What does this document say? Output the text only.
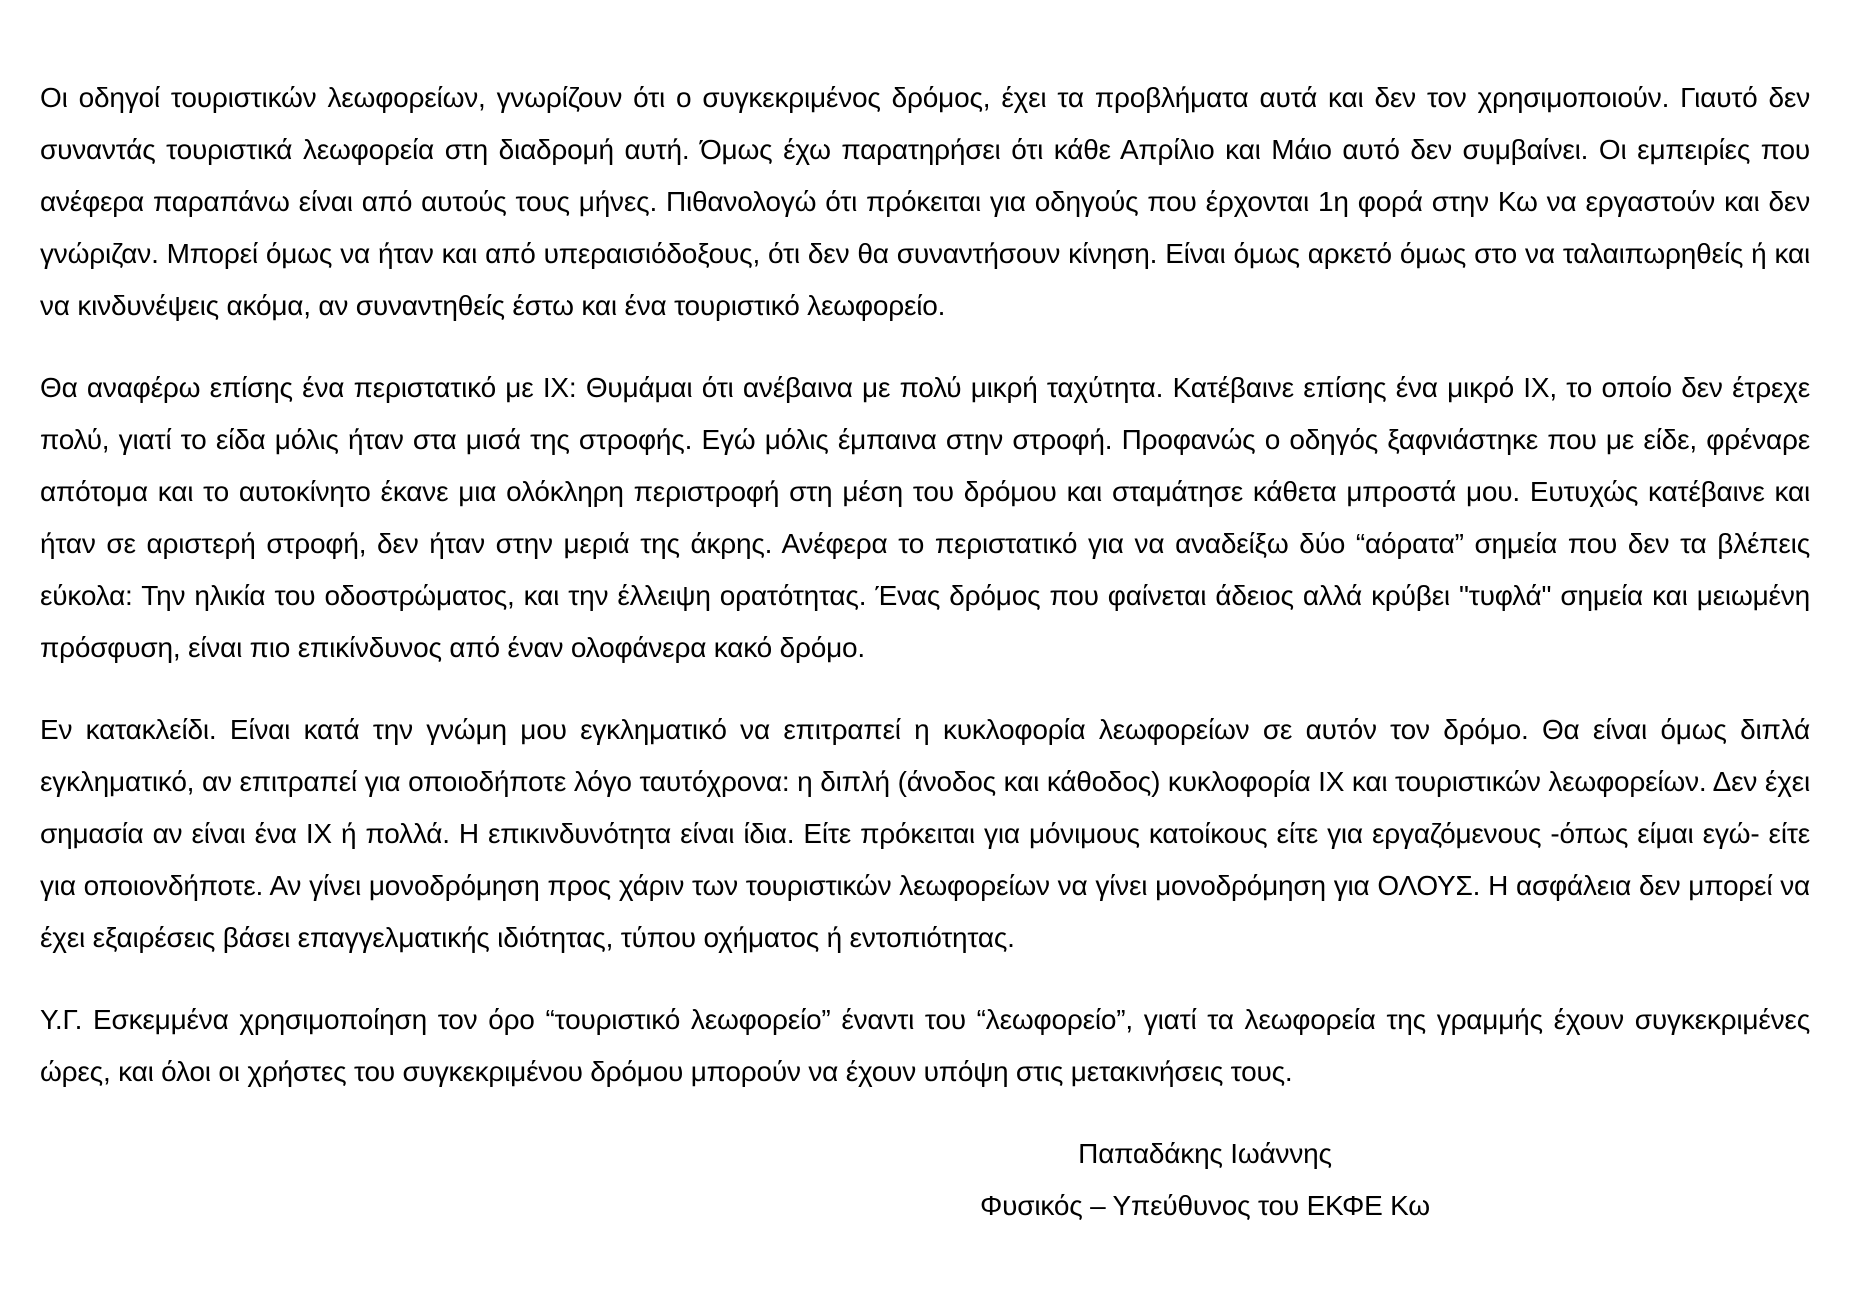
Οι οδηγοί τουριστικών λεωφορείων, γνωρίζουν ότι ο συγκεκριμένος δρόμος, έχει τα προβλήματα αυτά και δεν τον χρησιμοποιούν. Γιαυτό δεν συναντάς τουριστικά λεωφορεία στη διαδρομή αυτή. Όμως έχω παρατηρήσει ότι κάθε Απρίλιο και Μάιο αυτό δεν συμβαίνει. Οι εμπειρίες που ανέφερα παραπάνω είναι από αυτούς τους μήνες. Πιθανολογώ ότι πρόκειται για οδηγούς που έρχονται 1η φορά στην Κω να εργαστούν και δεν γνώριζαν. Μπορεί όμως να ήταν και από υπεραισιόδοξους, ότι δεν θα συναντήσουν κίνηση. Είναι όμως αρκετό όμως στο να ταλαιπωρηθείς ή και να κινδυνέψεις ακόμα, αν συναντηθείς έστω και ένα τουριστικό λεωφορείο.

Θα αναφέρω επίσης ένα περιστατικό με ΙΧ: Θυμάμαι ότι ανέβαινα με πολύ μικρή ταχύτητα. Κατέβαινε επίσης ένα μικρό ΙΧ, το οποίο δεν έτρεχε πολύ, γιατί το είδα μόλις ήταν στα μισά της στροφής. Εγώ μόλις έμπαινα στην στροφή. Προφανώς ο οδηγός ξαφνιάστηκε που με είδε, φρέναρε απότομα και το αυτοκίνητο έκανε μια ολόκληρη περιστροφή στη μέση του δρόμου και σταμάτησε κάθετα μπροστά μου. Ευτυχώς κατέβαινε και ήταν σε αριστερή στροφή, δεν ήταν στην μεριά της άκρης. Ανέφερα το περιστατικό για να αναδείξω δύο “αόρατα” σημεία που δεν τα βλέπεις εύκολα: Την ηλικία του οδοστρώματος, και την έλλειψη ορατότητας. Ένας δρόμος που φαίνεται άδειος αλλά κρύβει "τυφλά" σημεία και μειωμένη πρόσφυση, είναι πιο επικίνδυνος από έναν ολοφάνερα κακό δρόμο.

Εν κατακλείδι. Είναι κατά την γνώμη μου εγκληματικό να επιτραπεί η κυκλοφορία λεωφορείων σε αυτόν τον δρόμο. Θα είναι όμως διπλά εγκληματικό, αν επιτραπεί για οποιοδήποτε λόγο ταυτόχρονα: η διπλή (άνοδος και κάθοδος) κυκλοφορία ΙΧ και τουριστικών λεωφορείων. Δεν έχει σημασία αν είναι ένα ΙΧ ή πολλά. Η επικινδυνότητα είναι ίδια. Είτε πρόκειται για μόνιμους κατοίκους είτε για εργαζόμενους -όπως είμαι εγώ- είτε για οποιονδήποτε. Αν γίνει μονοδρόμηση προς χάριν των τουριστικών λεωφορείων να γίνει μονοδρόμηση για ΟΛΟΥΣ. Η ασφάλεια δεν μπορεί να έχει εξαιρέσεις βάσει επαγγελματικής ιδιότητας, τύπου οχήματος ή εντοπιότητας.

Υ.Γ. Εσκεμμένα χρησιμοποίηση τον όρο “τουριστικό λεωφορείο” έναντι του “λεωφορείο”, γιατί τα λεωφορεία της γραμμής έχουν συγκεκριμένες ώρες, και όλοι οι χρήστες του συγκεκριμένου δρόμου μπορούν να έχουν υπόψη στις μετακινήσεις τους.

Παπαδάκης Ιωάννης
Φυσικός – Υπεύθυνος του ΕΚΦΕ Κω
